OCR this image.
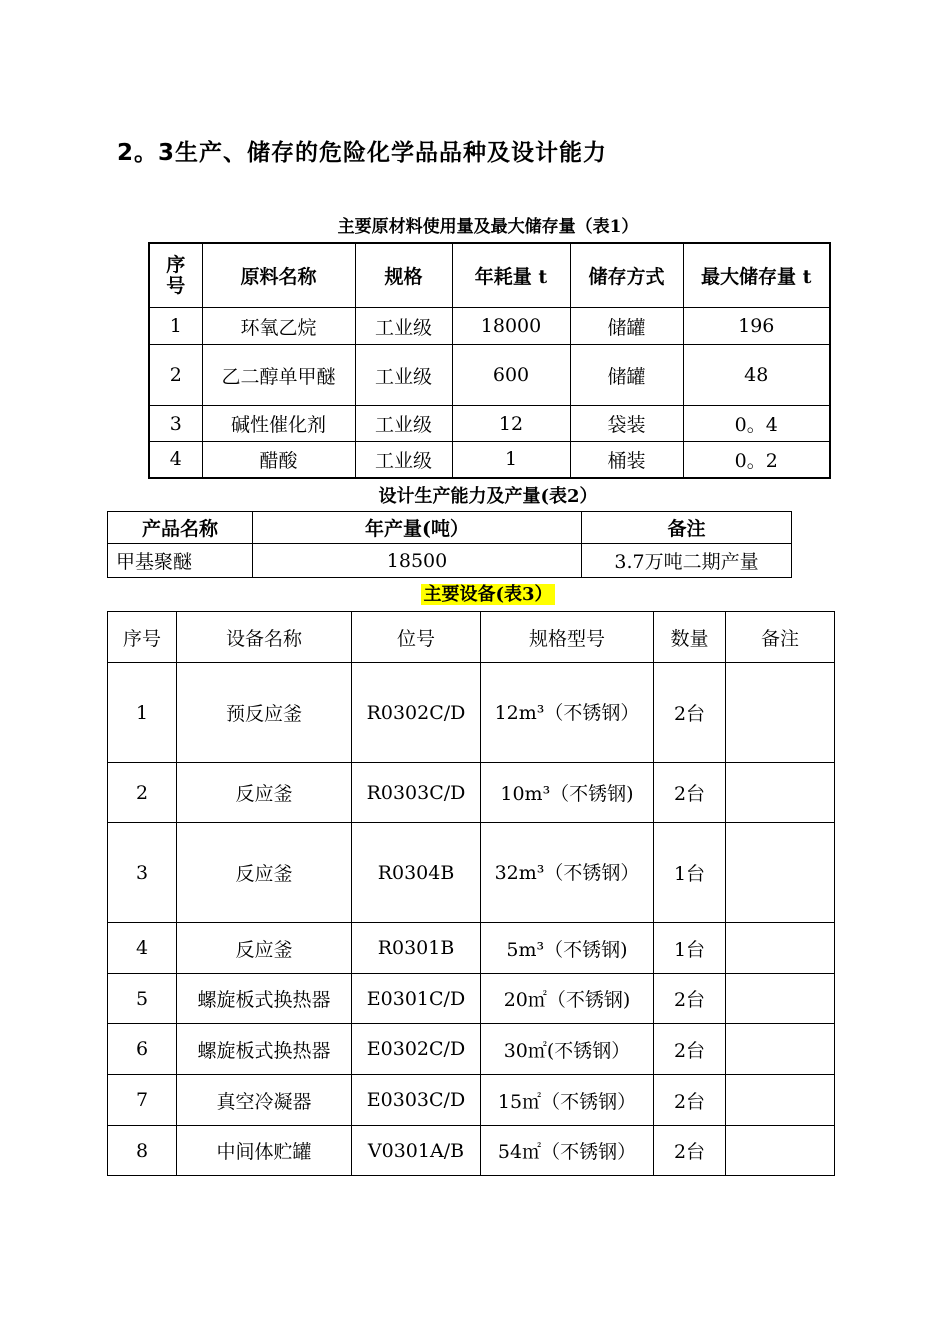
2。3生产、储存的危险化学品品种及设计能力
主要原材料使用量及最大储存量（表1）
序
号	原料名称	规格	年耗量 t	储存方式	最大储存量 t
1	环氧乙烷	工业级	18000	储罐	196
2	乙二醇单甲醚	工业级	600	储罐	48
3	碱性催化剂	工业级	12	袋装	0。4
4	醋酸	工业级	1	桶装	0。2
设计生产能力及产量(表2）
产品名称	年产量(吨）	备注
甲基聚醚	18500	3.7万吨二期产量
主要设备(表3）
序号	设备名称	位号	规格型号	数量	备注
1	预反应釜	R0302C/D	12m³（不锈钢）	2台	
2	反应釜	R0303C/D	10m³（不锈钢)	2台	
3	反应釜	R0304B	32m³（不锈钢）	1台	
4	反应釜	R0301B	5m³（不锈钢)	1台	
5	螺旋板式换热器	E0301C/D	20㎡（不锈钢)	2台	
6	螺旋板式换热器	E0302C/D	30㎡(不锈钢）	2台	
7	真空冷凝器	E0303C/D	15㎡（不锈钢）	2台	
8	中间体贮罐	V0301A/B	54㎡（不锈钢）	2台	
